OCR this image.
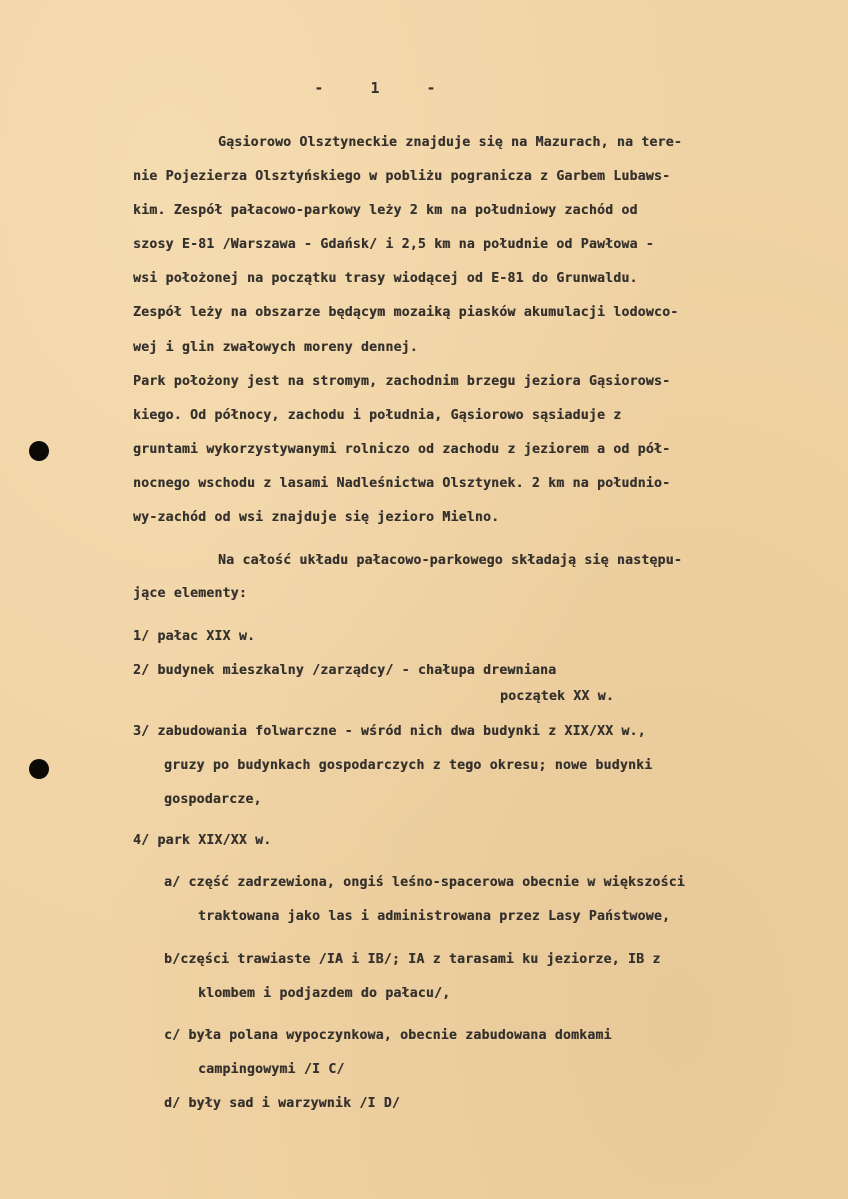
- 1 -
Gąsiorowo Olsztyneckie znajduje się na Mazurach, na tere-
nie Pojezierza Olsztyńskiego w pobliżu pogranicza z Garbem Lubaws-
kim. Zespół pałacowo-parkowy leży 2 km na południowy zachód od
szosy E-81 /Warszawa - Gdańsk/ i 2,5 km na południe od Pawłowa -
wsi położonej na początku trasy wiodącej od E-81 do Grunwaldu.
Zespół leży na obszarze będącym mozaiką piasków akumulacji lodowco-
wej i glin zwałowych moreny dennej.
Park położony jest na stromym, zachodnim brzegu jeziora Gąsiorows-
kiego. Od północy, zachodu i południa, Gąsiorowo sąsiaduje z
gruntami wykorzystywanymi rolniczo od zachodu z jeziorem a od pół-
nocnego wschodu z lasami Nadleśnictwa Olsztynek. 2 km na południo-
wy-zachód od wsi znajduje się jezioro Mielno.
Na całość układu pałacowo-parkowego składają się następu-
jące elementy:
1/ pałac XIX w.
2/ budynek mieszkalny /zarządcy/ - chałupa drewniana
początek XX w.
3/ zabudowania folwarczne - wśród nich dwa budynki z XIX/XX w.,
gruzy po budynkach gospodarczych z tego okresu; nowe budynki
gospodarcze,
4/ park XIX/XX w.
a/ część zadrzewiona, ongiś leśno-spacerowa obecnie w większości
traktowana jako las i administrowana przez Lasy Państwowe,
b/części trawiaste /IA i IB/; IA z tarasami ku jeziorze, IB z
klombem i podjazdem do pałacu/,
c/ była polana wypoczynkowa, obecnie zabudowana domkami
campingowymi /I C/
d/ były sad i warzywnik /I D/
